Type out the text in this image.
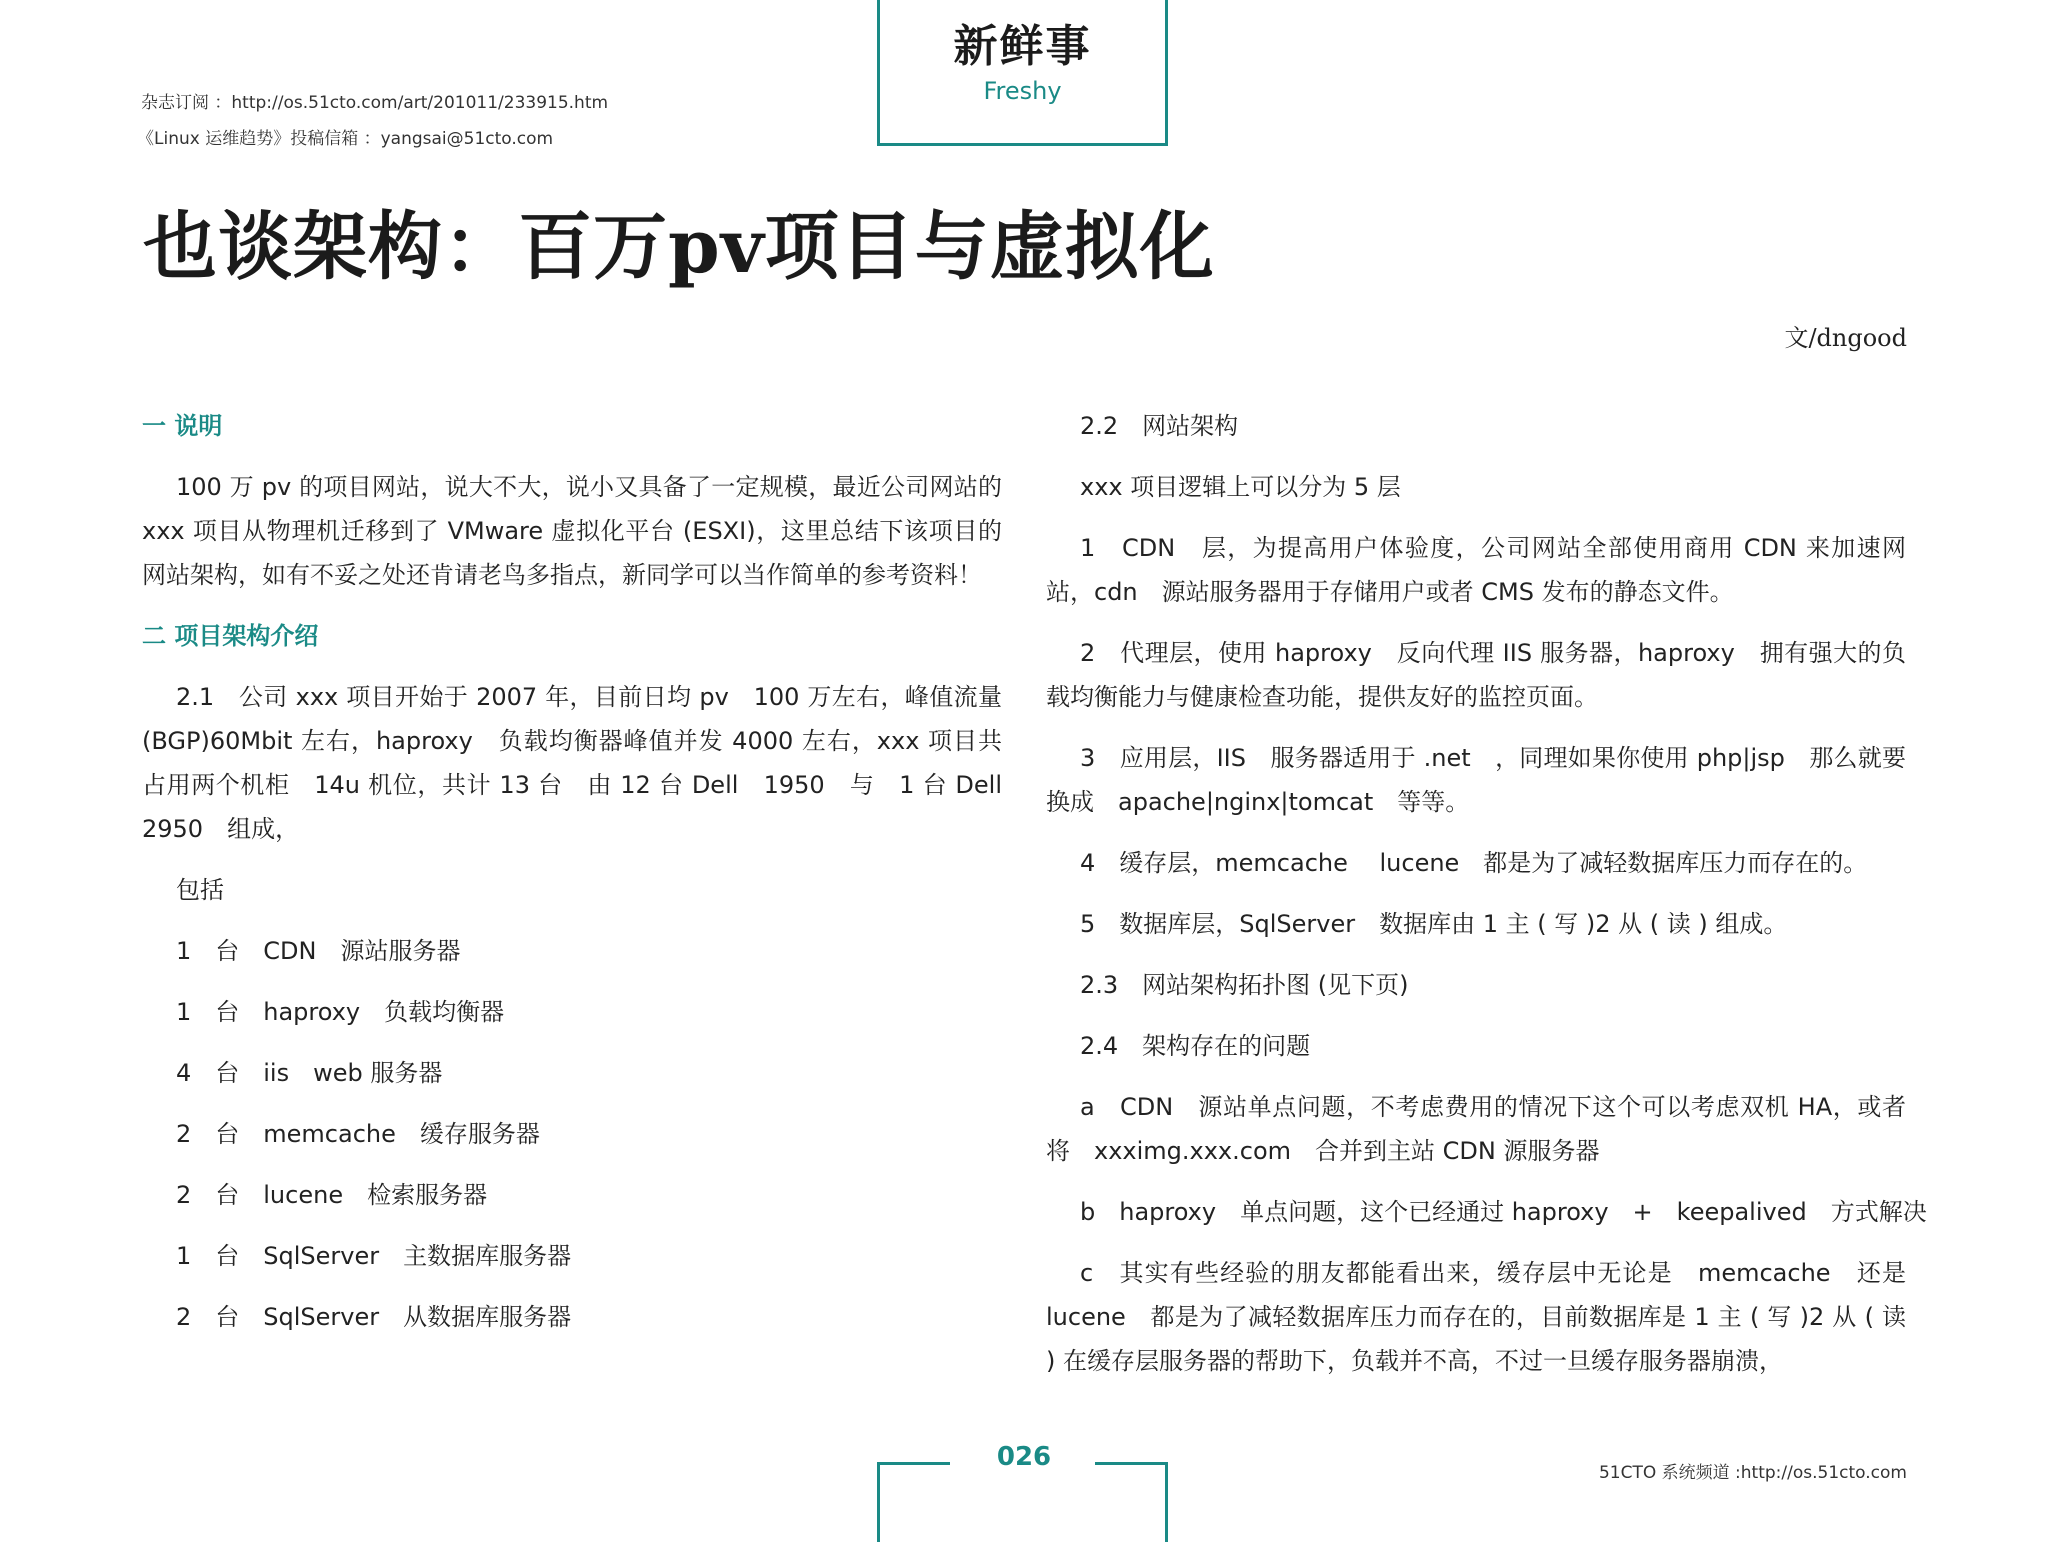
杂志订阅 ：http://os.51cto.com/art/201011/233915.htm
《Linux 运维趋势》投稿信箱 ：yangsai@51cto.com
新鲜事
Freshy
也谈架构：百万pv项目与虚拟化
文/dngood

一 说明

100 万 pv 的项目网站，说大不大，说小又具备了一定规模，最近公司网站的 xxx 项目从物理机迁移到了 VMware 虚拟化平台 (ESXI)，这里总结下该项目的网站架构，如有不妥之处还肯请老鸟多指点，新同学可以当作简单的参考资料！

二 项目架构介绍

2.1　公司 xxx 项目开始于 2007 年，目前日均 pv　100 万左右，峰值流量 (BGP)60Mbit 左右，haproxy　负载均衡器峰值并发 4000 左右，xxx 项目共占用两个机柜　14u 机位，共计 13 台　由 12 台 Dell　1950　与　1 台 Dell　2950　组成，

包括

1　台　CDN　源站服务器

1　台　haproxy　负载均衡器

4　台　iis　web 服务器

2　台　memcache　缓存服务器

2　台　lucene　检索服务器

1　台　SqlServer　主数据库服务器

2　台　SqlServer　从数据库服务器

2.2　网站架构

xxx 项目逻辑上可以分为 5 层

1　CDN　层，为提高用户体验度，公司网站全部使用商用 CDN 来加速网站，cdn　源站服务器用于存储用户或者 CMS 发布的静态文件。

2　代理层，使用 haproxy　反向代理 IIS 服务器，haproxy　拥有强大的负载均衡能力与健康检查功能，提供友好的监控页面。

3　应用层，IIS　服务器适用于 .net　，同理如果你使用 php|jsp　那么就要换成　apache|nginx|tomcat　等等。

4　缓存层，memcache　 lucene　都是为了减轻数据库压力而存在的。

5　数据库层，SqlServer　数据库由 1 主 ( 写 )2 从 ( 读 ) 组成。

2.3　网站架构拓扑图 (见下页)

2.4　架构存在的问题

a　CDN　源站单点问题，不考虑费用的情况下这个可以考虑双机 HA，或者将　xxximg.xxx.com　合并到主站 CDN 源服务器

b　haproxy　单点问题，这个已经通过 haproxy　+　keepalived　方式解决

c　其实有些经验的朋友都能看出来，缓存层中无论是　memcache　还是 lucene　都是为了减轻数据库压力而存在的，目前数据库是 1 主 ( 写 )2 从 ( 读 ) 在缓存层服务器的帮助下，负载并不高，不过一旦缓存服务器崩溃，

026
51CTO 系统频道 :http://os.51cto.com
